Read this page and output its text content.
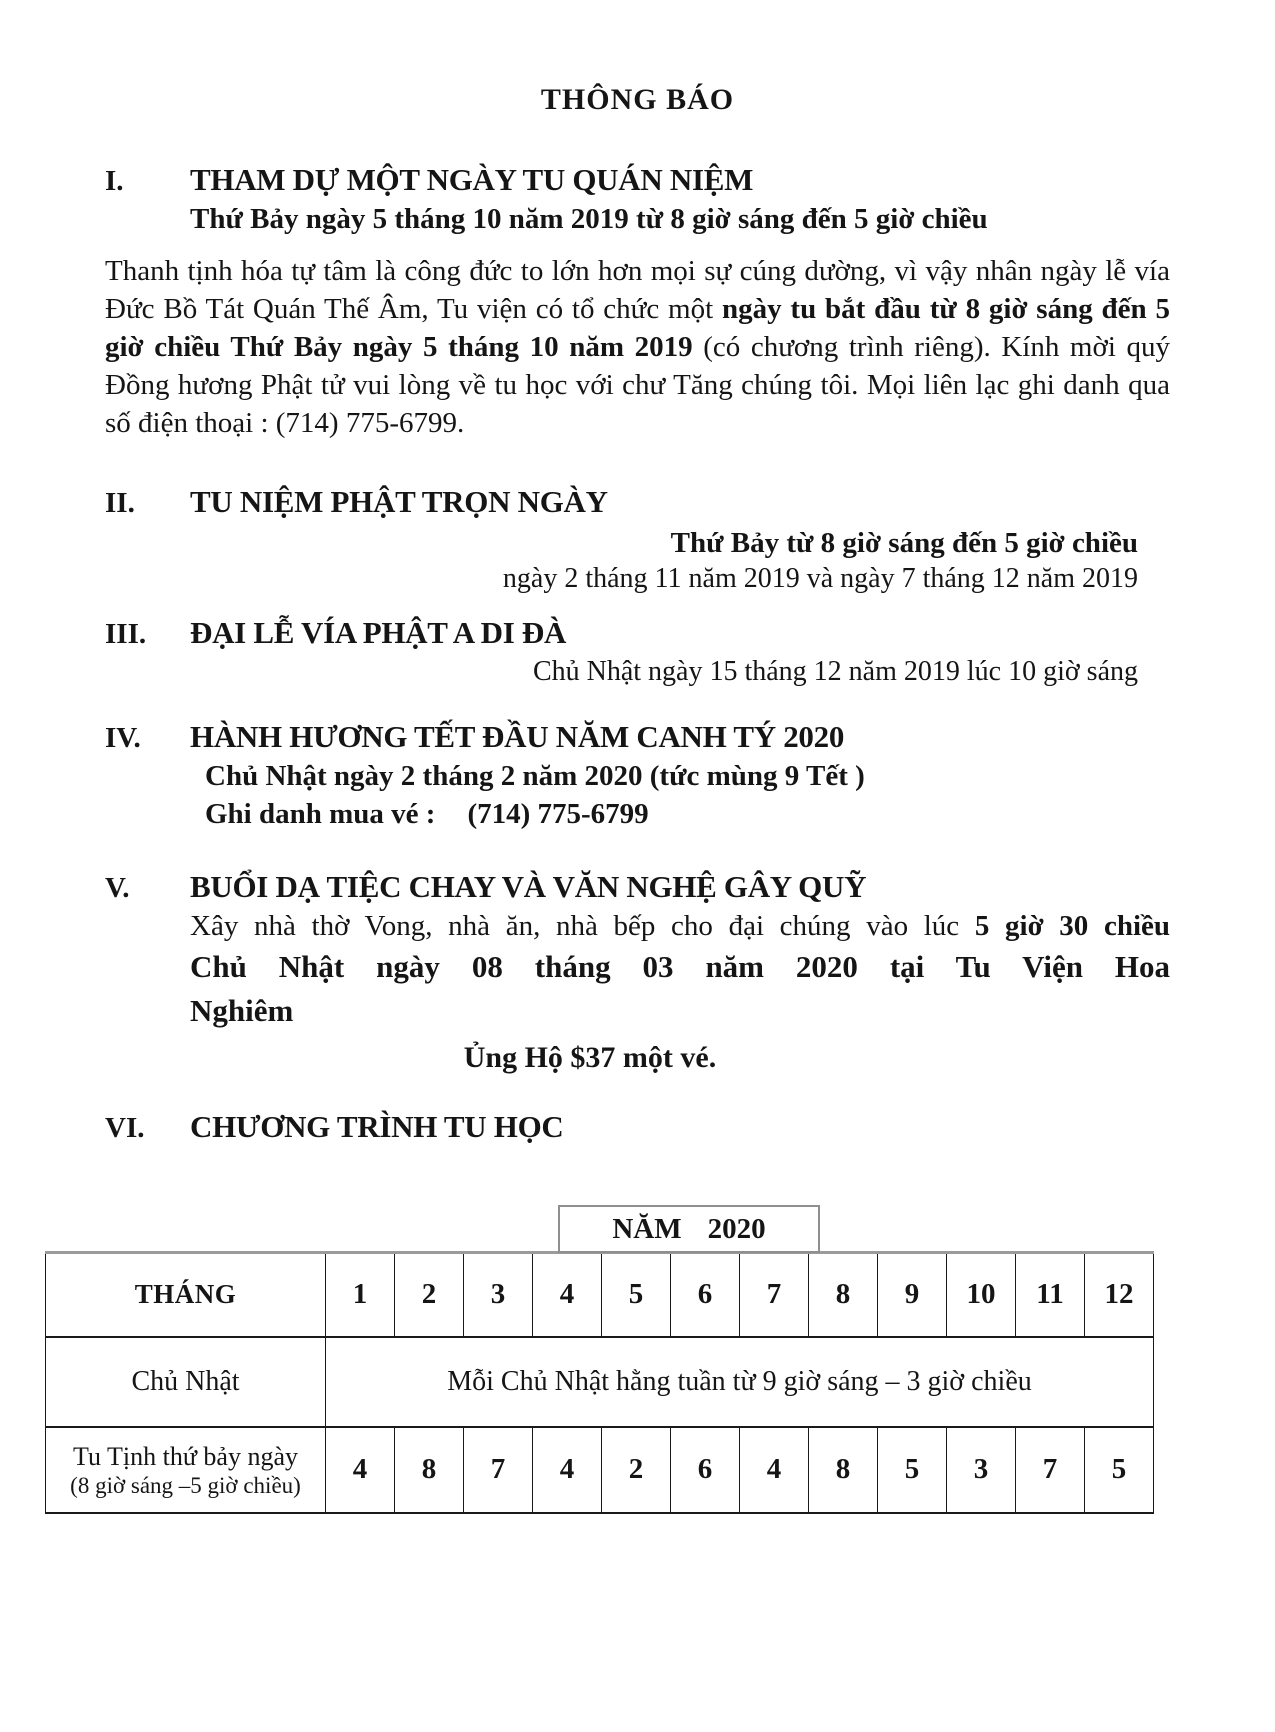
THÔNG BÁO
I.	THAM DỰ MỘT NGÀY TU QUÁN NIỆM
Thứ Bảy ngày 5 tháng 10 năm 2019 từ 8 giờ sáng đến 5 giờ chiều

Thanh tịnh hóa tự tâm là công đức to lớn hơn mọi sự cúng dường, vì vậy nhân ngày lễ vía Đức Bồ Tát Quán Thế Âm, Tu viện có tổ chức một ngày tu bắt đầu từ 8 giờ sáng đến 5 giờ chiều Thứ Bảy ngày 5 tháng 10 năm 2019 (có chương trình riêng). Kính mời quý Đồng hương Phật tử vui lòng về tu học với chư Tăng chúng tôi. Mọi liên lạc ghi danh qua số điện thoại : (714) 775-6799.

II.	TU NIỆM PHẬT TRỌN NGÀY
Thứ Bảy từ 8 giờ sáng đến 5 giờ chiều
ngày 2 tháng 11 năm 2019 và ngày 7 tháng 12 năm 2019
III.	ĐẠI LỄ VÍA PHẬT A DI ĐÀ
Chủ Nhật ngày 15 tháng 12 năm 2019 lúc 10 giờ sáng
IV.	HÀNH HƯƠNG TẾT ĐẦU NĂM CANH TÝ 2020
Chủ Nhật ngày 2 tháng 2 năm 2020 (tức mùng 9 Tết )
Ghi danh mua vé : (714) 775-6799
V.	BUỔI DẠ TIỆC CHAY VÀ VĂN NGHỆ GÂY QUỸ
Xây nhà thờ Vong, nhà ăn, nhà bếp cho đại chúng vào lúc 5 giờ 30 chiều
Chủ Nhật ngày 08 tháng 03 năm 2020 tại Tu Viện Hoa
Nghiêm
Ủng Hộ $37 một vé.
VI.	CHƯƠNG TRÌNH TU HỌC
NĂM 2020
THÁNG	1	2	3	4	5	6	7	8	9	10	11	12
Chủ Nhật	Mỗi Chủ Nhật hằng tuần từ 9 giờ sáng – 3 giờ chiều											

Tu Tịnh thứ bảy ngày
(8 giờ sáng –5 giờ chiều)	4	8	7	4	2	6	4	8	5	3	7	5
